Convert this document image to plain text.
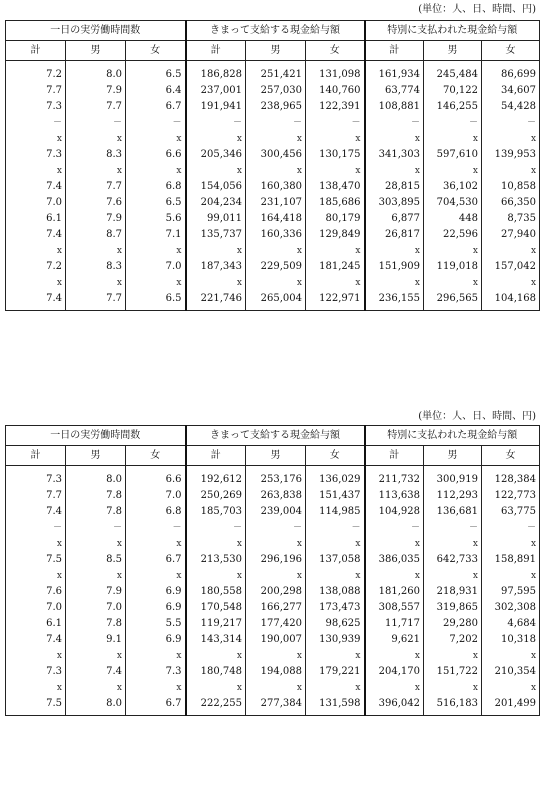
(単位：人、日、時間、円)
一日の実労働時間数			きまって支給する現金給与額			特別に支払われた現金給与額		
計	男	女	計	男	女	計	男	女
7.2	8.0	6.5	186,828	251,421	131,098	161,934	245,484	86,699
7.7	7.9	6.4	237,001	257,030	140,760	63,774	70,122	34,607
7.3	7.7	6.7	191,941	238,965	122,391	108,881	146,255	54,428
－	－	－	－	－	－	－	－	－
x	x	x	x	x	x	x	x	x
7.3	8.3	6.6	205,346	300,456	130,175	341,303	597,610	139,953
x	x	x	x	x	x	x	x	x
7.4	7.7	6.8	154,056	160,380	138,470	28,815	36,102	10,858
7.0	7.6	6.5	204,234	231,107	185,686	303,895	704,530	66,350
6.1	7.9	5.6	99,011	164,418	80,179	6,877	448	8,735
7.4	8.7	7.1	135,737	160,336	129,849	26,817	22,596	27,940
x	x	x	x	x	x	x	x	x
7.2	8.3	7.0	187,343	229,509	181,245	151,909	119,018	157,042
x	x	x	x	x	x	x	x	x
7.4	7.7	6.5	221,746	265,004	122,971	236,155	296,565	104,168
(単位：人、日、時間、円)
一日の実労働時間数			きまって支給する現金給与額			特別に支払われた現金給与額		
計	男	女	計	男	女	計	男	女
7.3	8.0	6.6	192,612	253,176	136,029	211,732	300,919	128,384
7.7	7.8	7.0	250,269	263,838	151,437	113,638	112,293	122,773
7.4	7.8	6.8	185,703	239,004	114,985	104,928	136,681	63,775
－	－	－	－	－	－	－	－	－
x	x	x	x	x	x	x	x	x
7.5	8.5	6.7	213,530	296,196	137,058	386,035	642,733	158,891
x	x	x	x	x	x	x	x	x
7.6	7.9	6.9	180,558	200,298	138,088	181,260	218,931	97,595
7.0	7.0	6.9	170,548	166,277	173,473	308,557	319,865	302,308
6.1	7.8	5.5	119,217	177,420	98,625	11,717	29,280	4,684
7.4	9.1	6.9	143,314	190,007	130,939	9,621	7,202	10,318
x	x	x	x	x	x	x	x	x
7.3	7.4	7.3	180,748	194,088	179,221	204,170	151,722	210,354
x	x	x	x	x	x	x	x	x
7.5	8.0	6.7	222,255	277,384	131,598	396,042	516,183	201,499
